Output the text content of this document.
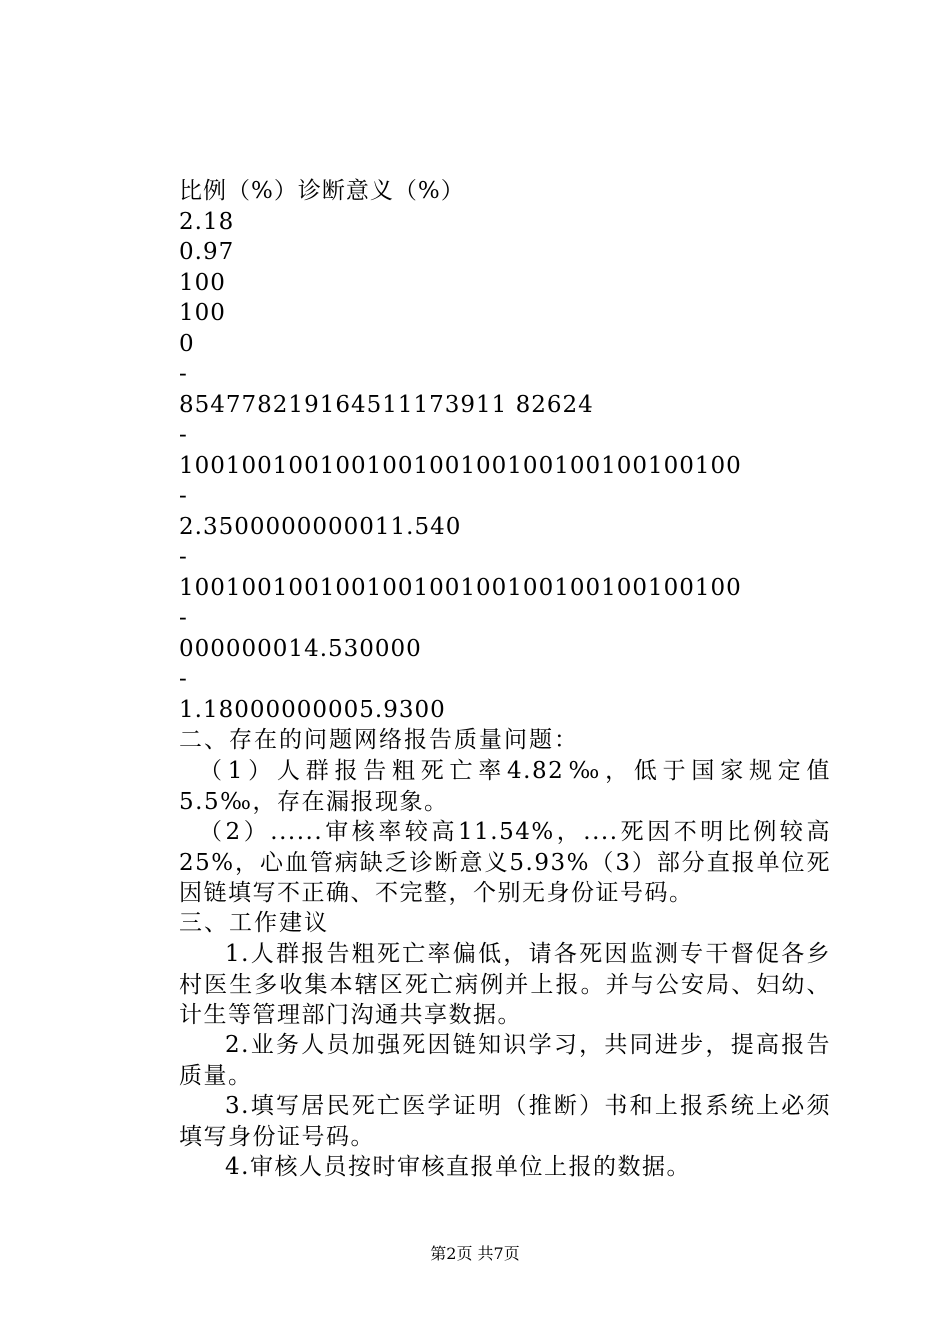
比例（%）诊断意义（%）
2.18
0.97
100
100
0
-
854778219164511173911 82624
-
100100100100100100100100100100100100
-
2.3500000000011.540
-
100100100100100100100100100100100100
-
000000014.530000
-
1.18000000005.9300
二、存在的问题网络报告质量问题：
（1）人群报告粗死亡率4.82‰，低于国家规定值5.5‰，存在漏报现象。
（2）......审核率较高11.54%，....死因不明比例较高25%，心血管病缺乏诊断意义5.93%（3）部分直报单位死因链填写不正确、不完整，个别无身份证号码。
三、工作建议
1.人群报告粗死亡率偏低，请各死因监测专干督促各乡村医生多收集本辖区死亡病例并上报。并与公安局、妇幼、计生等管理部门沟通共享数据。
2.业务人员加强死因链知识学习，共同进步，提高报告质量。
3.填写居民死亡医学证明（推断）书和上报系统上必须填写身份证号码。
4.审核人员按时审核直报单位上报的数据。
第2页 共7页
